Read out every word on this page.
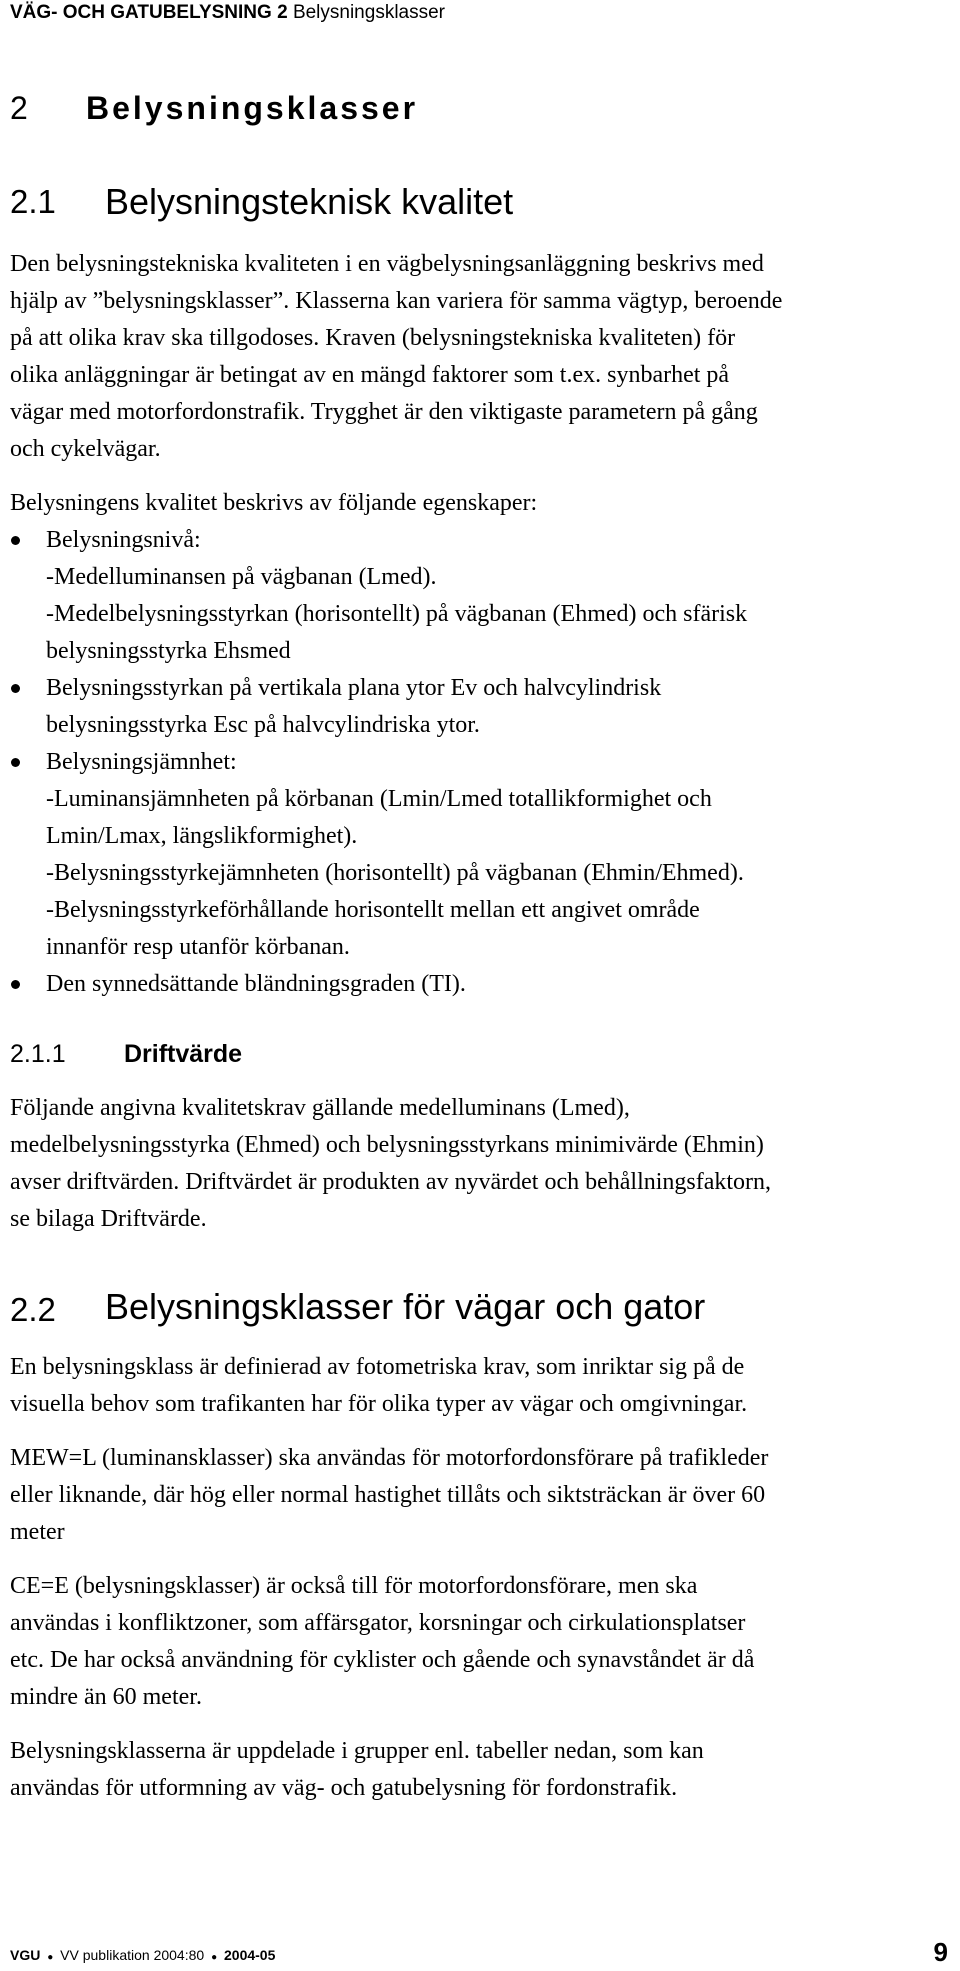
VÄG- OCH GATUBELYSNING 2 Belysningsklasser
2 Belysningsklasser
2.1 Belysningsteknisk kvalitet
Den belysningstekniska kvaliteten i en vägbelysningsanläggning beskrivs med
hjälp av ”belysningsklasser”. Klasserna kan variera för samma vägtyp, beroende
på att olika krav ska tillgodoses. Kraven (belysningstekniska kvaliteten) för
olika anläggningar är betingat av en mängd faktorer som t.ex. synbarhet på
vägar med motorfordonstrafik. Trygghet är den viktigaste parametern på gång
och cykelvägar.
Belysningens kvalitet beskrivs av följande egenskaper:
Belysningsnivå:
-Medelluminansen på vägbanan (Lmed).
-Medelbelysningsstyrkan (horisontellt) på vägbanan (Ehmed) och sfärisk
belysningsstyrka Ehsmed
Belysningsstyrkan på vertikala plana ytor Ev och halvcylindrisk
belysningsstyrka Esc på halvcylindriska ytor.
Belysningsjämnhet:
-Luminansjämnheten på körbanan (Lmin/Lmed totallikformighet och
Lmin/Lmax, längslikformighet).
-Belysningsstyrkejämnheten (horisontellt) på vägbanan (Ehmin/Ehmed).
-Belysningsstyrkeförhållande horisontellt mellan ett angivet område
innanför resp utanför körbanan.
Den synnedsättande bländningsgraden (TI).
2.1.1 Driftvärde
Följande angivna kvalitetskrav gällande medelluminans (Lmed),
medelbelysningsstyrka (Ehmed) och belysningsstyrkans minimivärde (Ehmin)
avser driftvärden. Driftvärdet är produkten av nyvärdet och behållningsfaktorn,
se bilaga Driftvärde.
2.2 Belysningsklasser för vägar och gator
En belysningsklass är definierad av fotometriska krav, som inriktar sig på de
visuella behov som trafikanten har för olika typer av vägar och omgivningar.
MEW=L (luminansklasser) ska användas för motorfordonsförare på trafikleder
eller liknande, där hög eller normal hastighet tillåts och siktsträckan är över 60
meter
CE=E (belysningsklasser) är också till för motorfordonsförare, men ska
användas i konfliktzoner, som affärsgator, korsningar och cirkulationsplatser
etc. De har också användning för cyklister och gående och synavståndet är då
mindre än 60 meter.
Belysningsklasserna är uppdelade i grupper enl. tabeller nedan, som kan
användas för utformning av väg- och gatubelysning för fordonstrafik.
VGU ● VV publikation 2004:80 ● 2004-05	9
